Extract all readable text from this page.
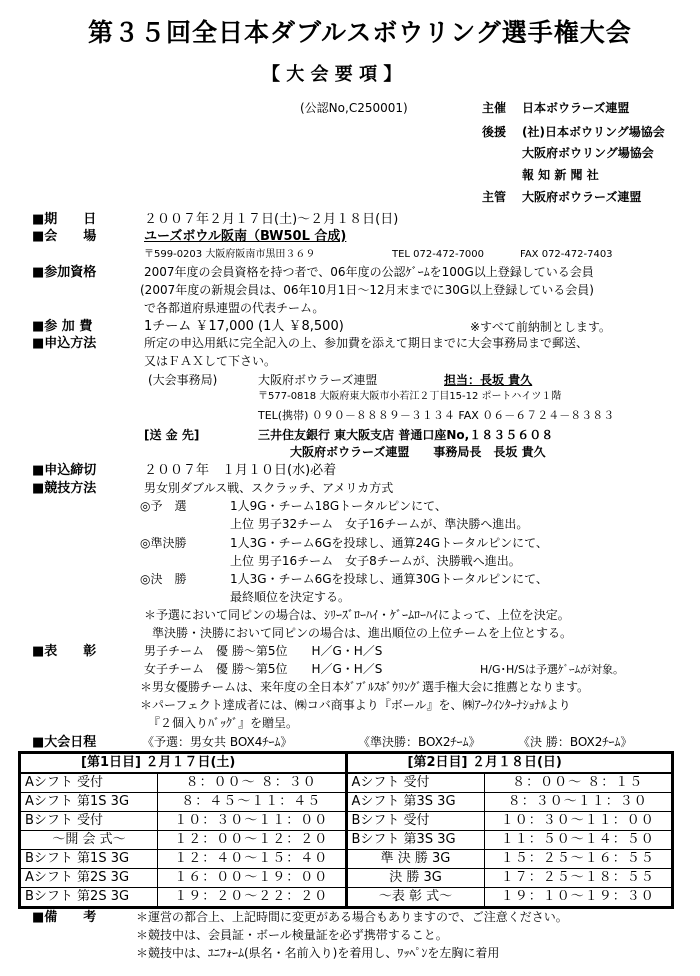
第３５回全日本ダブルスボウリング選手権大会
【 大 会 要 項 】
(公認No,C250001)	主催 日本ボウラーズ連盟
後援 (社)日本ボウリング場協会
大阪府ボウリング場協会
報 知 新 聞 社
主管 大阪府ボウラーズ連盟
■期　　日	２００７年２月１７日(土)～２月１８日(日)
■会　　場	ユーズボウル阪南（BW50L 合成)
〒599-0203 大阪府阪南市黒田３６９	TEL 072-472-7000	FAX 072-472-7403
■参加資格	2007年度の会員資格を持つ者で、06年度の公認ｹﾞｰﾑを100G以上登録している会員
(2007年度の新規会員は、06年10月1日～12月末までに30G以上登録している会員)
で各都道府県連盟の代表チーム。
■参 加 費	1チーム ￥17,000 (1人 ￥8,500)	※すべて前納制とします。
■申込方法	所定の申込用紙に完全記入の上、参加費を添えて期日までに大会事務局まで郵送、
又はＦＡＸして下さい。
(大会事務局)	大阪府ボウラーズ連盟	担当：長坂 貴久
〒577-0818 大阪府東大阪市小若江２丁目15-12 ポートハイツ１階
TEL(携帯) ０９０－８８８９－３１３４ FAX ０６－６７２４－８３８３
[送 金 先]	三井住友銀行 東大阪支店 普通口座No,１８３５６０８
大阪府ボウラーズ連盟　　事務局長　長坂 貴久
■申込締切	２００７年　１月１０日(水)必着
■競技方法	男女別ダブルス戦、スクラッチ、アメリカ方式
◎予　選	1人9G・チーム18Gトータルピンにて、
上位 男子32チーム　女子16チームが、準決勝へ進出。
◎準決勝	1人3G・チーム6Gを投球し、通算24Gトータルピンにて、
上位 男子16チーム　女子8チームが、決勝戦へ進出。
◎決　勝	1人3G・チーム6Gを投球し、通算30Gトータルピンにて、
最終順位を決定する。
＊予選において同ピンの場合は、ｼﾘｰｽﾞﾛｰﾊｲ・ｹﾞｰﾑﾛｰﾊｲによって、上位を決定。
準決勝・決勝において同ピンの場合は、進出順位の上位チームを上位とする。
■表　　彰	男子チーム　優 勝～第5位　　H／G・H／S
女子チーム　優 勝～第5位　　H／G・H／S	H/G･H/Sは予選ｹﾞｰﾑが対象。
＊男女優勝チームは、来年度の全日本ﾀﾞﾌﾞﾙｽﾎﾞｳﾘﾝｸﾞ選手権大会に推薦となります。
＊パーフェクト達成者には、㈱コバ商事より『ボール』を、㈱ｱｰｸｲﾝﾀｰﾅｼｮﾅﾙより
『２個入りﾊﾞｯｸﾞ』を贈呈。
■大会日程	《予選：男女共 BOX4ﾁｰﾑ》	《準決勝：BOX2ﾁｰﾑ》	《決 勝：BOX2ﾁｰﾑ》
[第1日目] ２月１７日(土)		[第2日目] ２月１８日(日)	
Aシフト 受付	８：００～ ８：３０	Aシフト 受付	８：００～ ８：１５
Aシフト 第1S 3G	８：４５～１１：４５	Aシフト 第3S 3G	８：３０～１１：３０
Bシフト 受付	１０：３０～１１：００	Bシフト 受付	１０：３０～１１：００
～開 会 式～	１２：００～１２：２０	Bシフト 第3S 3G	１１：５０～１４：５０
Bシフト 第1S 3G	１２：４０～１５：４０	準 決 勝 3G	１５：２５～１６：５５
Aシフト 第2S 3G	１６：００～１９：００	決 勝 3G	１７：２５～１８：５５
Bシフト 第2S 3G	１９：２０～２２：２０	～表 彰 式～	１９：１０～１９：３０
■備　　考	＊運営の都合上、上記時間に変更がある場合もありますので、ご注意ください。
＊競技中は、会員証・ボール検量証を必ず携帯すること。
＊競技中は、ﾕﾆﾌｫｰﾑ(県名・名前入り)を着用し、ﾜｯﾍﾟﾝを左胸に着用
